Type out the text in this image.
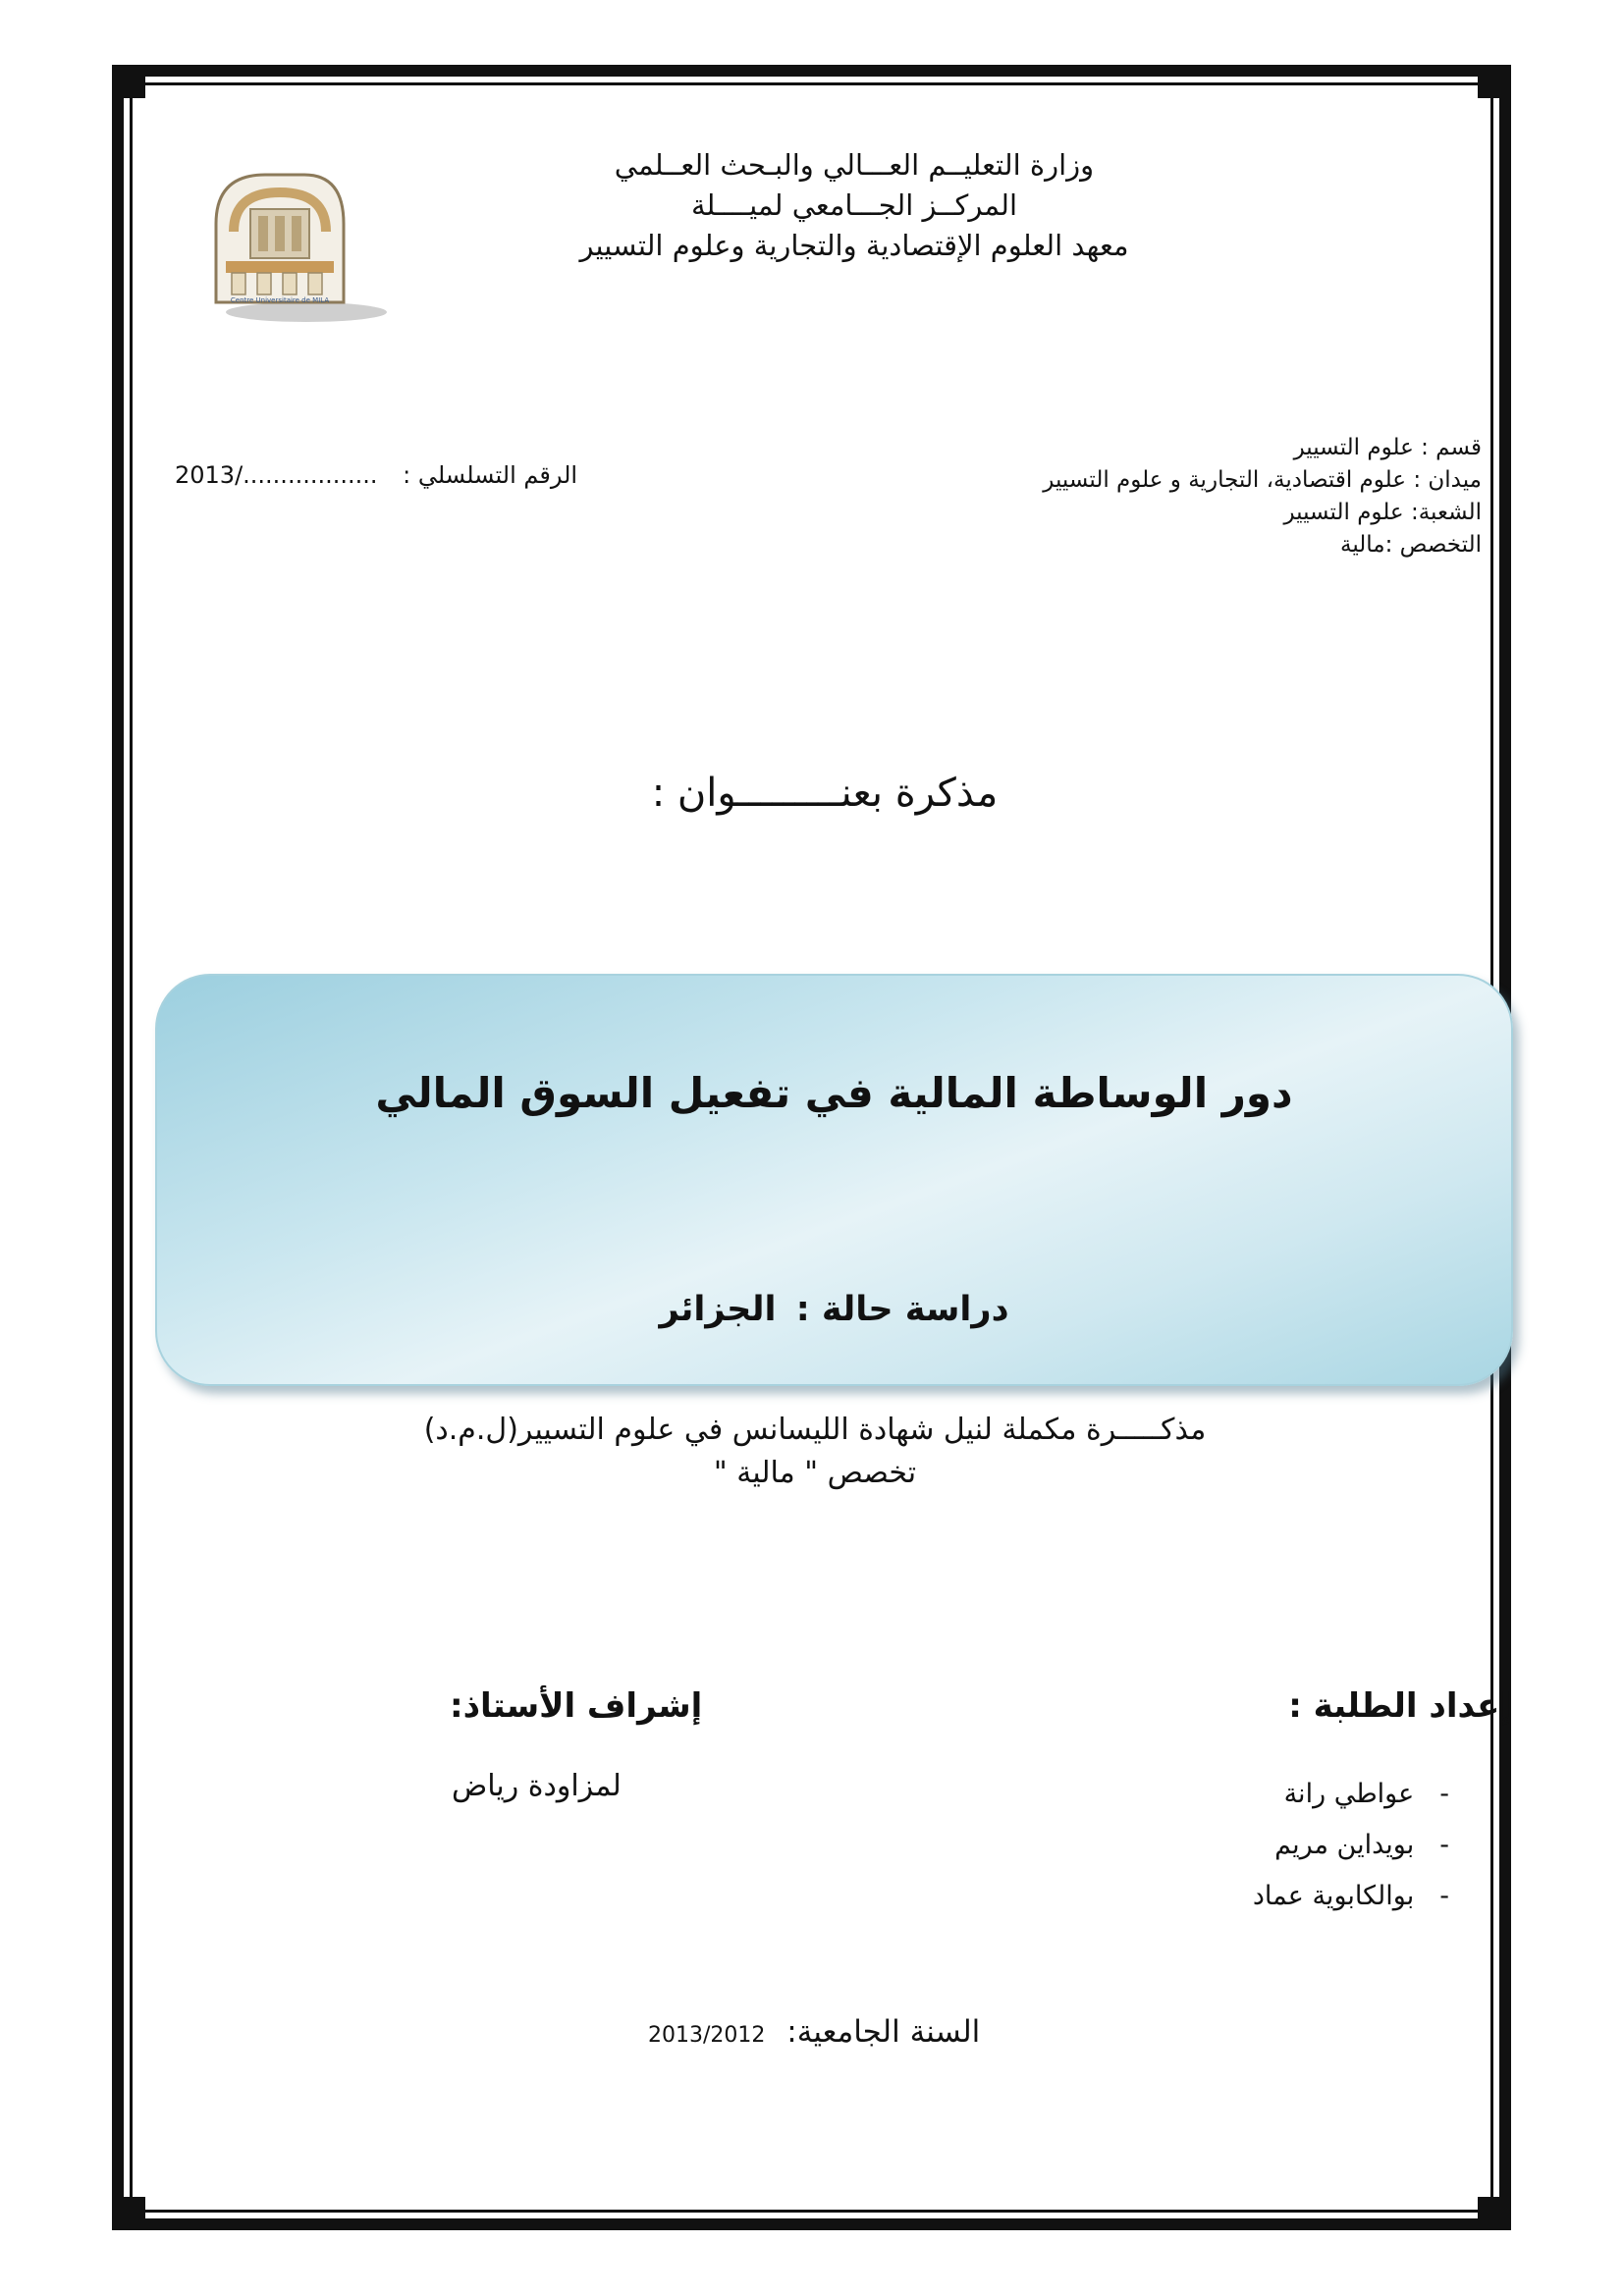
Centre Universitaire de MILA
وزارة التعليــم العـــالي والبـحث العــلمي
المركــز الجـــامعي لميــــلة
معهد العلوم الإقتصادية والتجارية وعلوم التسيير
قسم : علوم التسيير
ميدان : علوم اقتصادية، التجارية و علوم التسيير
الشعبة: علوم التسيير
التخصص :مالية
2013/.................. الرقم التسلسلي :
مذكرة بعنـــــــــوان :
دور الوساطة المالية في تفعيل السوق المالي
دراسة حالة : الجزائر
مذكـــــرة مكملة لنيل شهادة الليسانس في علوم التسيير(ل.م.د)
تخصص " مالية "
إعداد الطلبة :
إشراف الأستاذ:
-
عواطي رانة
-
بويداين مريم
-
بوالكابوية عماد
لمزاودة رياض
السنة الجامعية: 2013/2012
